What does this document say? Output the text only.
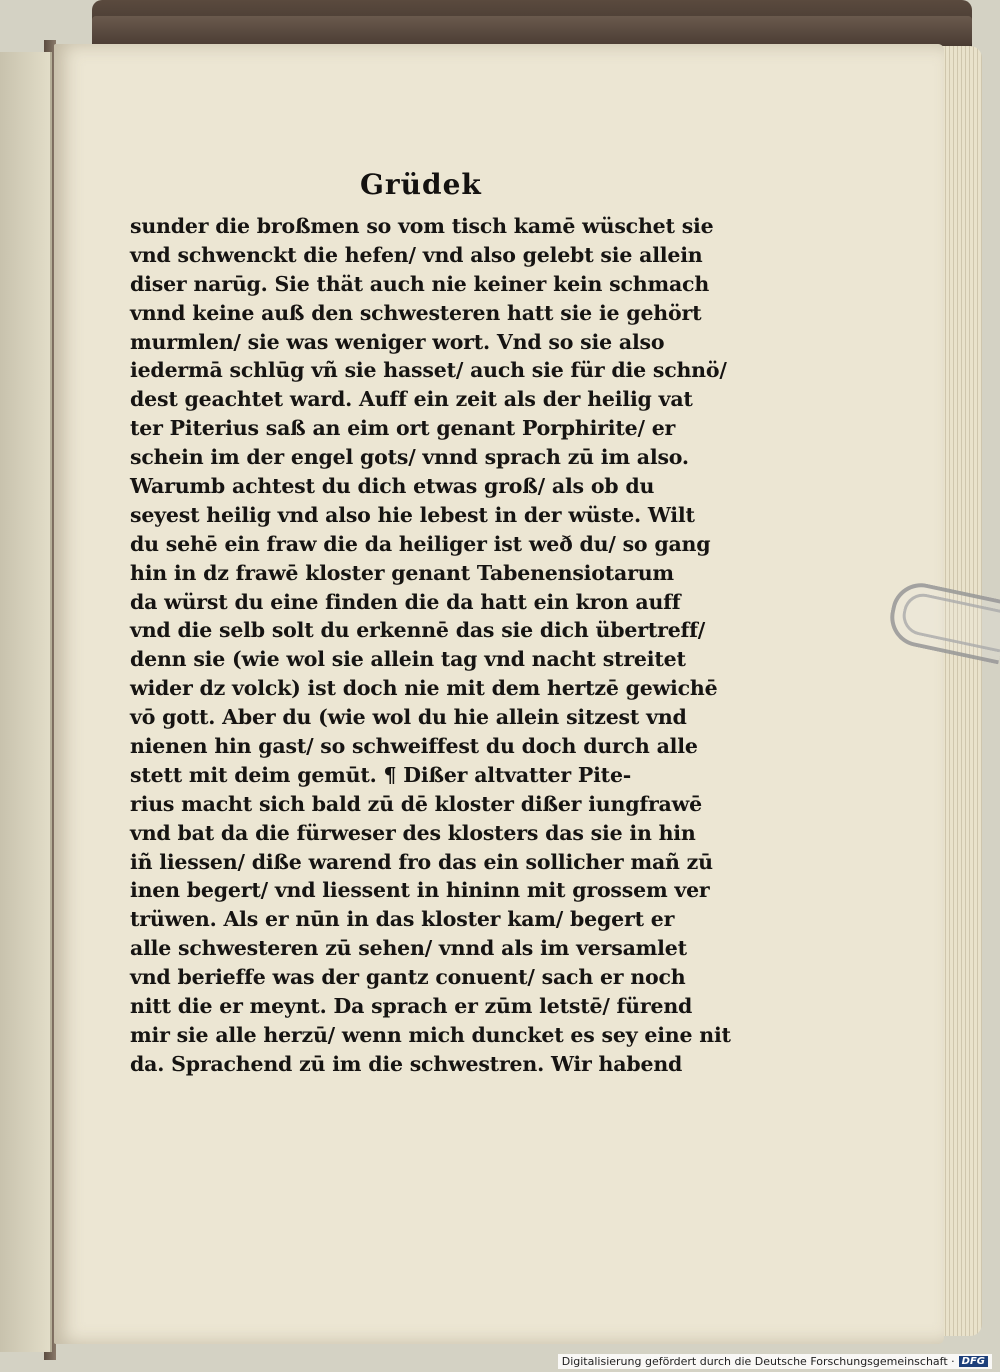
Grüdek
sunder die broßmen so vom tisch kamē wüschet sie
vnd schwenckt die hefen/ vnd also gelebt sie allein
diser narūg. Sie thät auch nie keiner kein schmach
vnnd keine auß den schwesteren hatt sie ie gehört
murmlen/ sie was weniger wort. Vnd so sie also
iedermā schlūg vñ sie hasset/ auch sie für die schnö/
dest geachtet ward. Auff ein zeit als der heilig vat
ter Piterius saß an eim ort genant Porphirite/ er
schein im der engel gots/ vnnd sprach zū im also.
Warumb achtest du dich etwas groß/ als ob du
seyest heilig vnd also hie lebest in der wüste. Wilt
du sehē ein fraw die da heiliger ist weð du/ so gang
hin in dz frawē kloster genant Tabenensiotarum
da würst du eine finden die da hatt ein kron auff
vnd die selb solt du erkennē das sie dich übertreff/
denn sie (wie wol sie allein tag vnd nacht streitet
wider dz volck) ist doch nie mit dem hertzē gewichē
vō gott. Aber du (wie wol du hie allein sitzest vnd
nienen hin gast/ so schweiffest du doch durch alle
stett mit deim gemūt. ¶ Dißer altvatter Pite-
rius macht sich bald zū dē kloster dißer iungfrawē
vnd bat da die fürweser des klosters das sie in hin
iñ liessen/ diße warend fro das ein sollicher mañ zū
inen begert/ vnd liessent in hininn mit grossem ver
trüwen. Als er nūn in das kloster kam/ begert er
alle schwesteren zū sehen/ vnnd als im versamlet
vnd berieffe was der gantz conuent/ sach er noch
nitt die er meynt. Da sprach er zūm letstē/ fürend
mir sie alle herzū/ wenn mich duncket es sey eine nit
da. Sprachend zū im die schwestren. Wir habend
Digitalisierung gefördert durch die Deutsche Forschungsgemeinschaft · DFG
